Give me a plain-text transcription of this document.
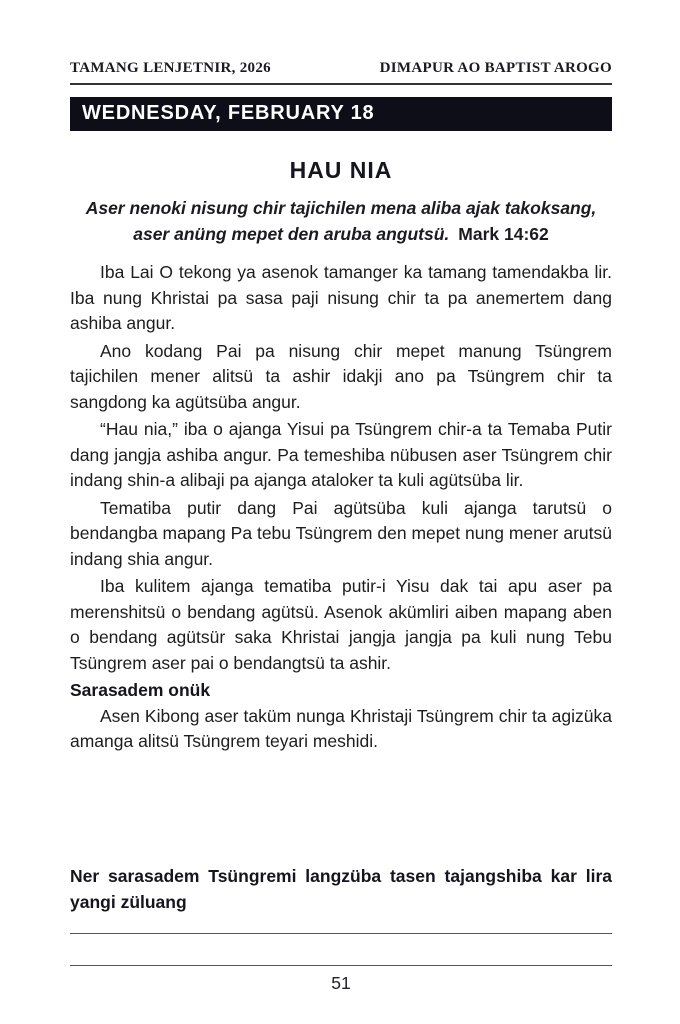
TAMANG LENJETNIR, 2026	DIMAPUR AO BAPTIST AROGO
WEDNESDAY, FEBRUARY 18
HAU NIA

Aser nenoki nisung chir tajichilen mena aliba ajak takoksang, aser anüng mepet den aruba angutsü. Mark 14:62

Iba Lai O tekong ya asenok tamanger ka tamang tamendakba lir. Iba nung Khristai pa sasa paji nisung chir ta pa anemertem dang ashiba angur.

Ano kodang Pai pa nisung chir mepet manung Tsüngrem tajichilen mener alitsü ta ashir idakji ano pa Tsüngrem chir ta sangdong ka agütsüba angur.

“Hau nia,” iba o ajanga Yisui pa Tsüngrem chir-a ta Temaba Putir dang jangja ashiba angur. Pa temeshiba nübusen aser Tsüngrem chir indang shin-a alibaji pa ajanga ataloker ta kuli agütsüba lir.

Tematiba putir dang Pai agütsüba kuli ajanga tarutsü o bendangba mapang Pa tebu Tsüngrem den mepet nung mener arutsü indang shia angur.

Iba kulitem ajanga tematiba putir-i Yisu dak tai apu aser pa merenshitsü o bendang agütsü. Asenok akümliri aiben mapang aben o bendang agütsür saka Khristai jangja jangja pa kuli nung Tebu Tsüngrem aser pai o bendangtsü ta ashir.

Sarasadem onük

Asen Kibong aser taküm nunga Khristaji Tsüngrem chir ta agizüka amanga alitsü Tsüngrem teyari meshidi.

Ner sarasadem Tsüngremi langzüba tasen tajangshiba kar lira yangi züluang

51
